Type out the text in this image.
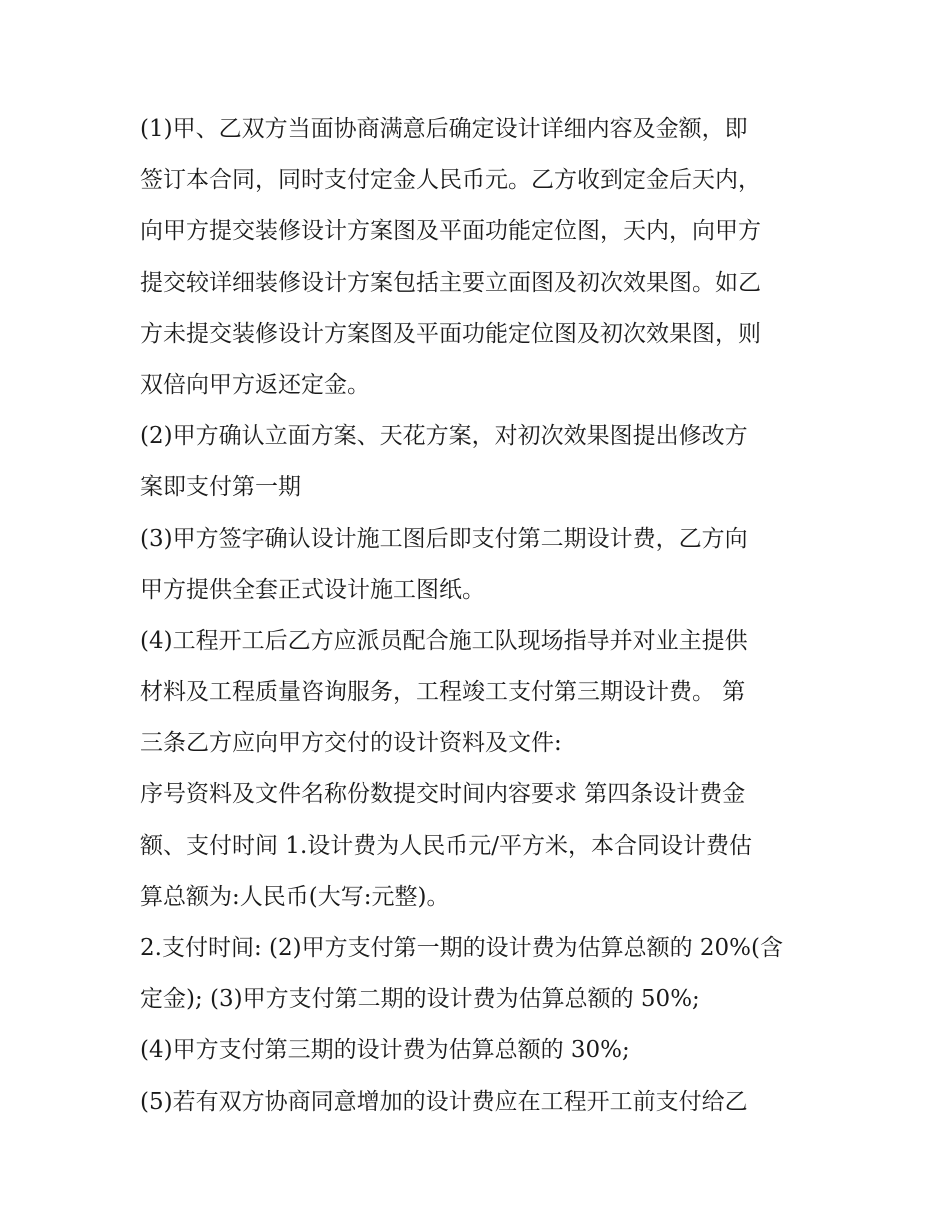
(1)甲、乙双方当面协商满意后确定设计详细内容及金额，即
签订本合同，同时支付定金人民币元。乙方收到定金后天内，
向甲方提交装修设计方案图及平面功能定位图，天内，向甲方
提交较详细装修设计方案包括主要立面图及初次效果图。如乙
方未提交装修设计方案图及平面功能定位图及初次效果图，则
双倍向甲方返还定金。
(2)甲方确认立面方案、天花方案，对初次效果图提出修改方
案即支付第一期
(3)甲方签字确认设计施工图后即支付第二期设计费，乙方向
甲方提供全套正式设计施工图纸。
(4)工程开工后乙方应派员配合施工队现场指导并对业主提供
材料及工程质量咨询服务，工程竣工支付第三期设计费。 第
三条乙方应向甲方交付的设计资料及文件:
序号资料及文件名称份数提交时间内容要求 第四条设计费金
额、支付时间 1.设计费为人民币元/平方米，本合同设计费估
算总额为:人民币(大写:元整)。
2.支付时间: (2)甲方支付第一期的设计费为估算总额的 20%(含
定金); (3)甲方支付第二期的设计费为估算总额的 50%;
(4)甲方支付第三期的设计费为估算总额的 30%;
(5)若有双方协商同意增加的设计费应在工程开工前支付给乙
